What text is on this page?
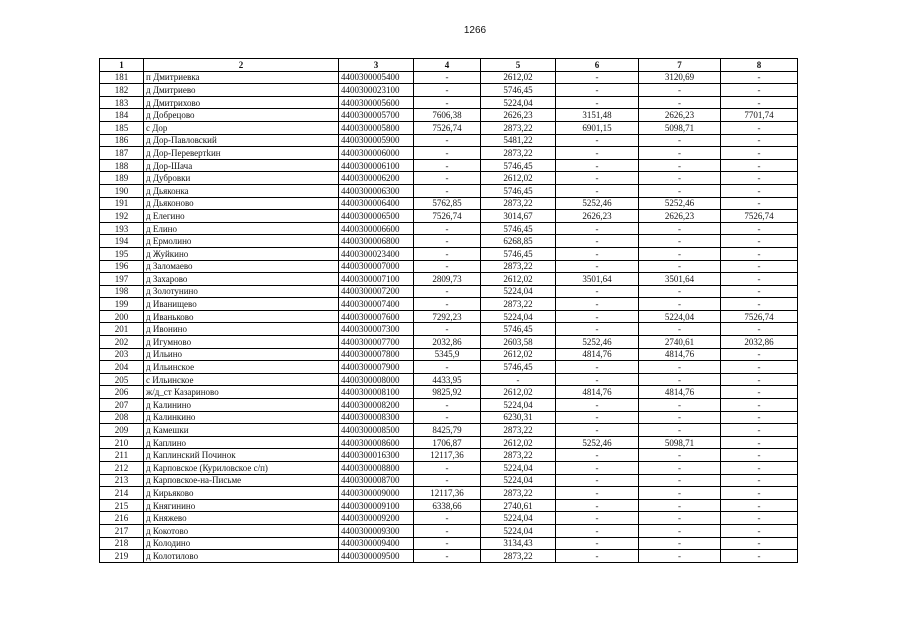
1266
1	2	3	4	5	6	7	8
181	п Дмитриевка	4400300005400	-	2612,02	-	3120,69	-
182	д Дмитриево	4400300023100	-	5746,45	-	-	-
183	д Дмитрихово	4400300005600	-	5224,04	-	-	-
184	д Добрецово	4400300005700	7606,38	2626,23	3151,48	2626,23	7701,74
185	с Дор	4400300005800	7526,74	2873,22	6901,15	5098,71	-
186	д Дор-Павловский	4400300005900	-	5481,22	-	-	-
187	д Дор-Перевертkин	4400300006000	-	2873,22	-	-	-
188	д Дор-Шача	4400300006100	-	5746,45	-	-	-
189	д Дубровки	4400300006200	-	2612,02	-	-	-
190	д Дьяконка	4400300006300	-	5746,45	-	-	-
191	д Дьяконово	4400300006400	5762,85	2873,22	5252,46	5252,46	-
192	д Елегино	4400300006500	7526,74	3014,67	2626,23	2626,23	7526,74
193	д Елино	4400300006600	-	5746,45	-	-	-
194	д Ермолино	4400300006800	-	6268,85	-	-	-
195	д Жуйкино	4400300023400	-	5746,45	-	-	-
196	д Заломаево	4400300007000	-	2873,22	-	-	-
197	д Захарово	4400300007100	2809,73	2612,02	3501,64	3501,64	-
198	д Золотунино	4400300007200	-	5224,04	-	-	-
199	д Иванищево	4400300007400	-	2873,22	-	-	-
200	д Иваньково	4400300007600	7292,23	5224,04	-	5224,04	7526,74
201	д Ивонино	4400300007300	-	5746,45	-	-	-
202	д Игумново	4400300007700	2032,86	2603,58	5252,46	2740,61	2032,86
203	д Ильино	4400300007800	5345,9	2612,02	4814,76	4814,76	-
204	д Ильинское	4400300007900	-	5746,45	-	-	-
205	с Ильинское	4400300008000	4433,95	-	-	-	-
206	ж/д_ст Казариново	4400300008100	9825,92	2612,02	4814,76	4814,76	-
207	д Калинино	4400300008200	-	5224,04	-	-	-
208	д Калинкино	4400300008300	-	6230,31	-	-	-
209	д Камешки	4400300008500	8425,79	2873,22	-	-	-
210	д Каплино	4400300008600	1706,87	2612,02	5252,46	5098,71	-
211	д Каплинский Починок	4400300016300	12117,36	2873,22	-	-	-
212	д Карповское (Куриловское с/п)	4400300008800	-	5224,04	-	-	-
213	д Карповское-на-Письме	4400300008700	-	5224,04	-	-	-
214	д Кирьяково	4400300009000	12117,36	2873,22	-	-	-
215	д Княгинино	4400300009100	6338,66	2740,61	-	-	-
216	д Княжево	4400300009200	-	5224,04	-	-	-
217	д Кокотово	4400300009300	-	5224,04	-	-	-
218	д Колодино	4400300009400	-	3134,43	-	-	-
219	д Колотилово	4400300009500	-	2873,22	-	-	-
